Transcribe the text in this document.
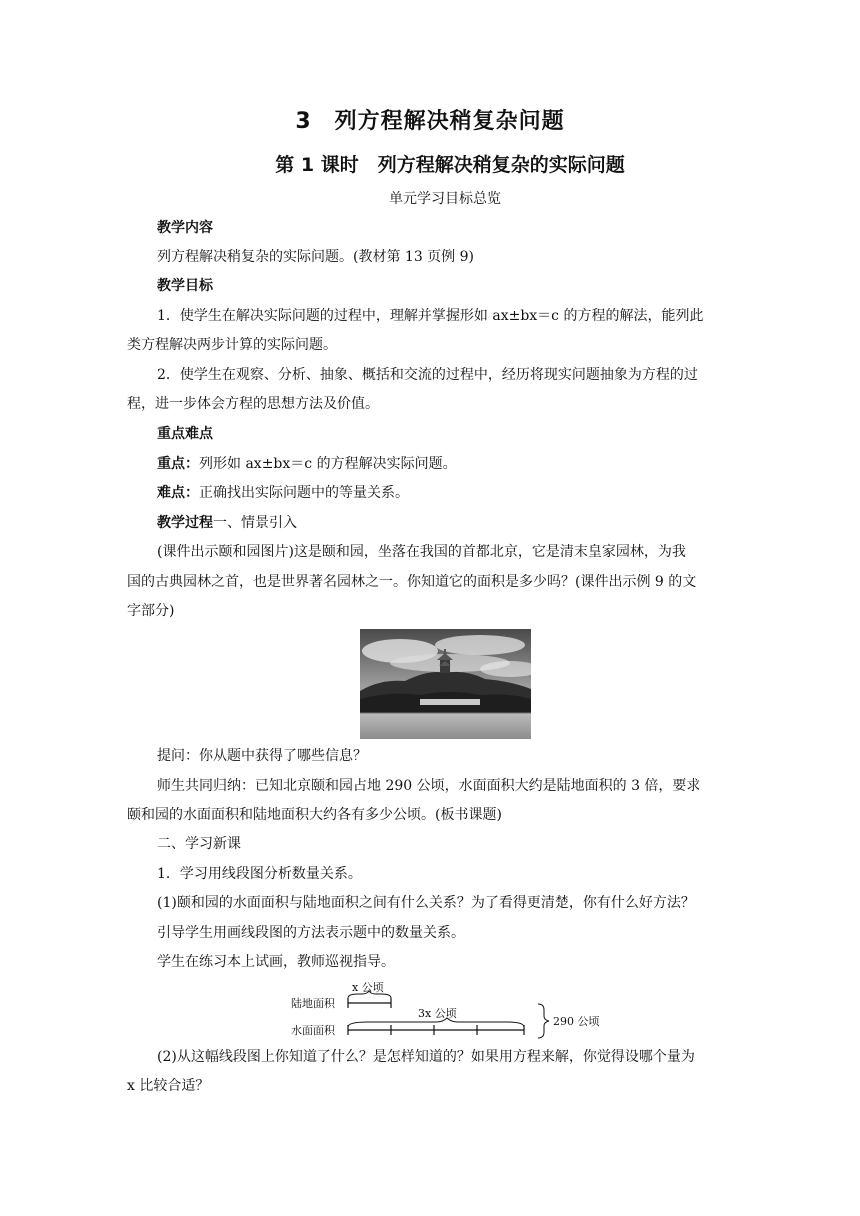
3　列方程解决稍复杂问题
第 1 课时　列方程解决稍复杂的实际问题
单元学习目标总览
教学内容
列方程解决稍复杂的实际问题。(教材第 13 页例 9)
教学目标
1．使学生在解决实际问题的过程中，理解并掌握形如 ax±bx＝c 的方程的解法，能列此
类方程解决两步计算的实际问题。
2．使学生在观察、分析、抽象、概括和交流的过程中，经历将现实问题抽象为方程的过
程，进一步体会方程的思想方法及价值。
重点难点
重点：列形如 ax±bx＝c 的方程解决实际问题。
难点：正确找出实际问题中的等量关系。
教学过程一、情景引入
(课件出示颐和园图片)这是颐和园，坐落在我国的首都北京，它是清末皇家园林，为我
国的古典园林之首，也是世界著名园林之一。你知道它的面积是多少吗？(课件出示例 9 的文
字部分)
提问：你从题中获得了哪些信息？
师生共同归纳：已知北京颐和园占地 290 公顷，水面面积大约是陆地面积的 3 倍，要求
颐和园的水面面积和陆地面积大约各有多少公顷。(板书课题)
二、学习新课
1．学习用线段图分析数量关系。
(1)颐和园的水面面积与陆地面积之间有什么关系？为了看得更清楚，你有什么好方法？
引导学生用画线段图的方法表示题中的数量关系。
学生在练习本上试画，教师巡视指导。
x 公顷
陆地面积
3x 公顷
水面面积
290 公顷
(2)从这幅线段图上你知道了什么？是怎样知道的？如果用方程来解，你觉得设哪个量为
x 比较合适？
